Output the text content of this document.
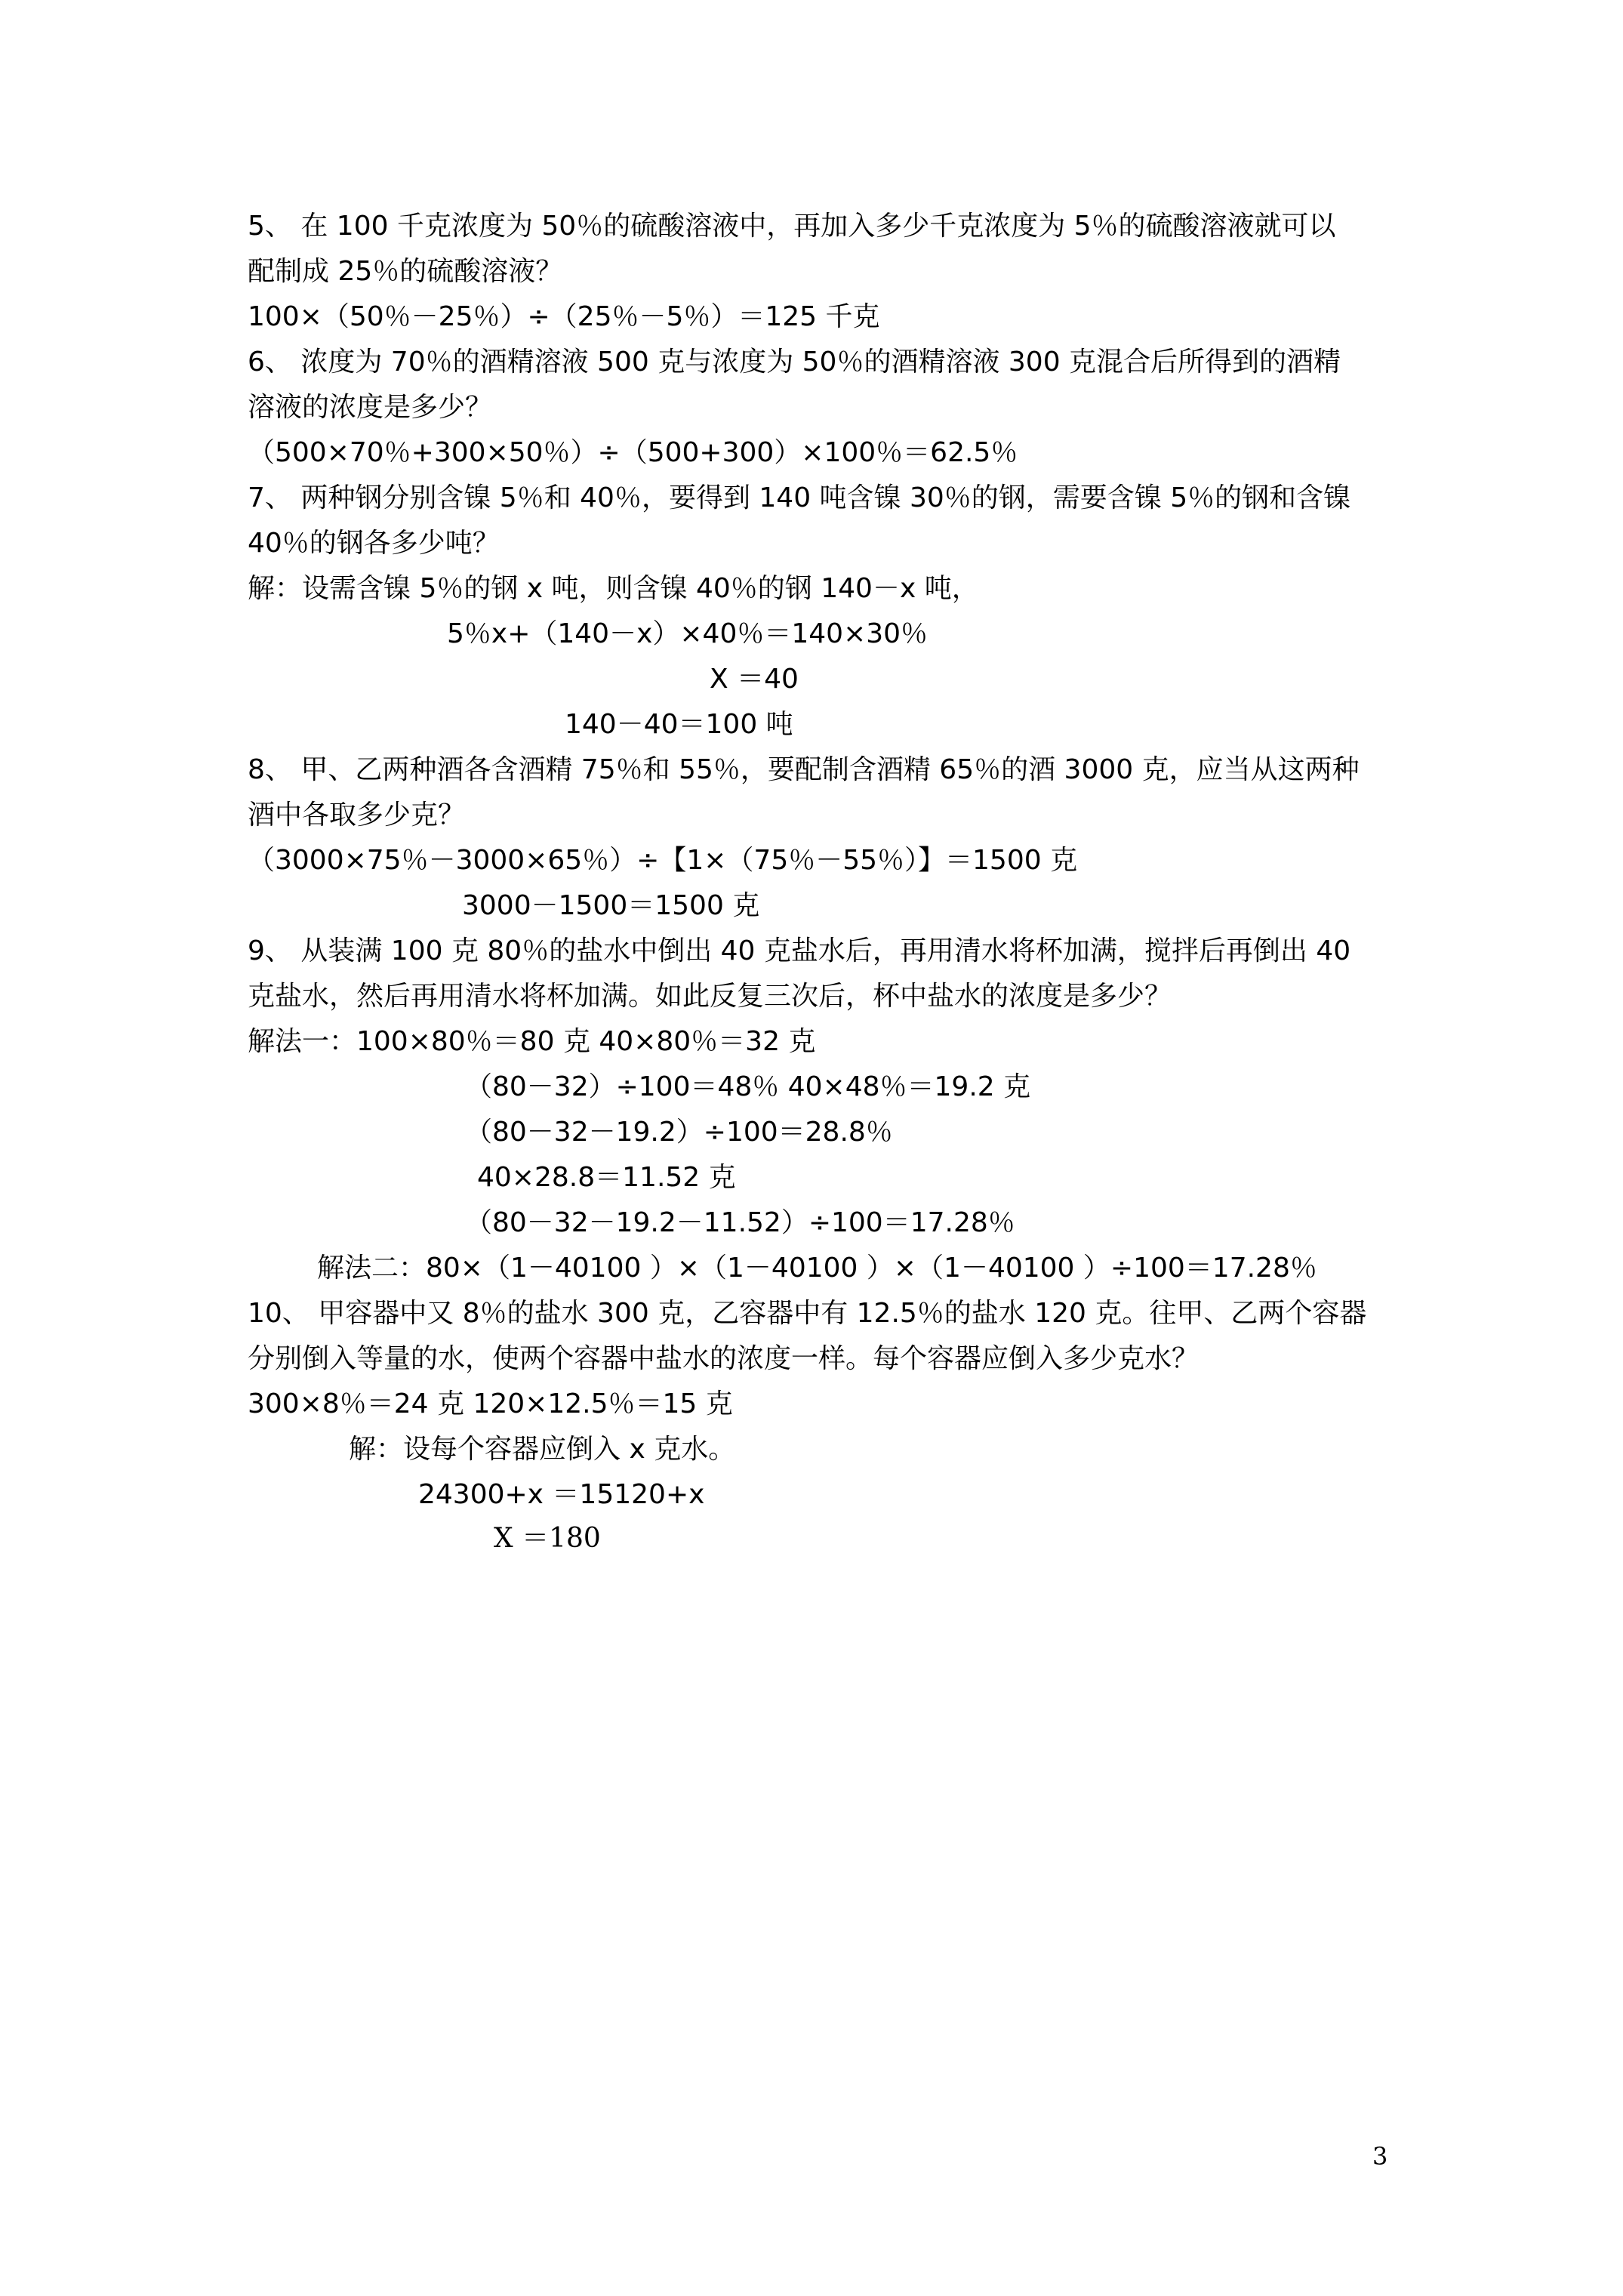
5、 在 100 千克浓度为 50％的硫酸溶液中，再加入多少千克浓度为 5％的硫酸溶液就可以
配制成 25％的硫酸溶液？
100×（50％－25％）÷（25％－5％）＝125 千克
6、 浓度为 70％的酒精溶液 500 克与浓度为 50％的酒精溶液 300 克混合后所得到的酒精
溶液的浓度是多少？
（500×70％+300×50％）÷（500+300）×100％＝62.5％
7、 两种钢分别含镍 5％和 40％，要得到 140 吨含镍 30％的钢，需要含镍 5％的钢和含镍
40％的钢各多少吨？
解：设需含镍 5％的钢 x 吨，则含镍 40％的钢 140－x 吨，
5％x+（140－x）×40％＝140×30％
X ＝40
140－40＝100 吨
8、 甲、乙两种酒各含酒精 75％和 55％，要配制含酒精 65％的酒 3000 克，应当从这两种
酒中各取多少克？
（3000×75％－3000×65％）÷【1×（75％－55％）】＝1500 克
3000－1500＝1500 克
9、 从装满 100 克 80％的盐水中倒出 40 克盐水后，再用清水将杯加满，搅拌后再倒出 40
克盐水，然后再用清水将杯加满。如此反复三次后，杯中盐水的浓度是多少？
解法一：100×80％＝80 克 40×80％＝32 克
（80－32）÷100＝48％ 40×48％＝19.2 克
（80－32－19.2）÷100＝28.8％
40×28.8＝11.52 克
（80－32－19.2－11.52）÷100＝17.28％
解法二：80×（1－40100 ）×（1－40100 ）×（1－40100 ）÷100＝17.28％
10、 甲容器中又 8％的盐水 300 克，乙容器中有 12.5％的盐水 120 克。往甲、乙两个容器
分别倒入等量的水，使两个容器中盐水的浓度一样。每个容器应倒入多少克水？
300×8％＝24 克 120×12.5％＝15 克
解：设每个容器应倒入 x 克水。
24300+x ＝15120+x
X ＝180
3
